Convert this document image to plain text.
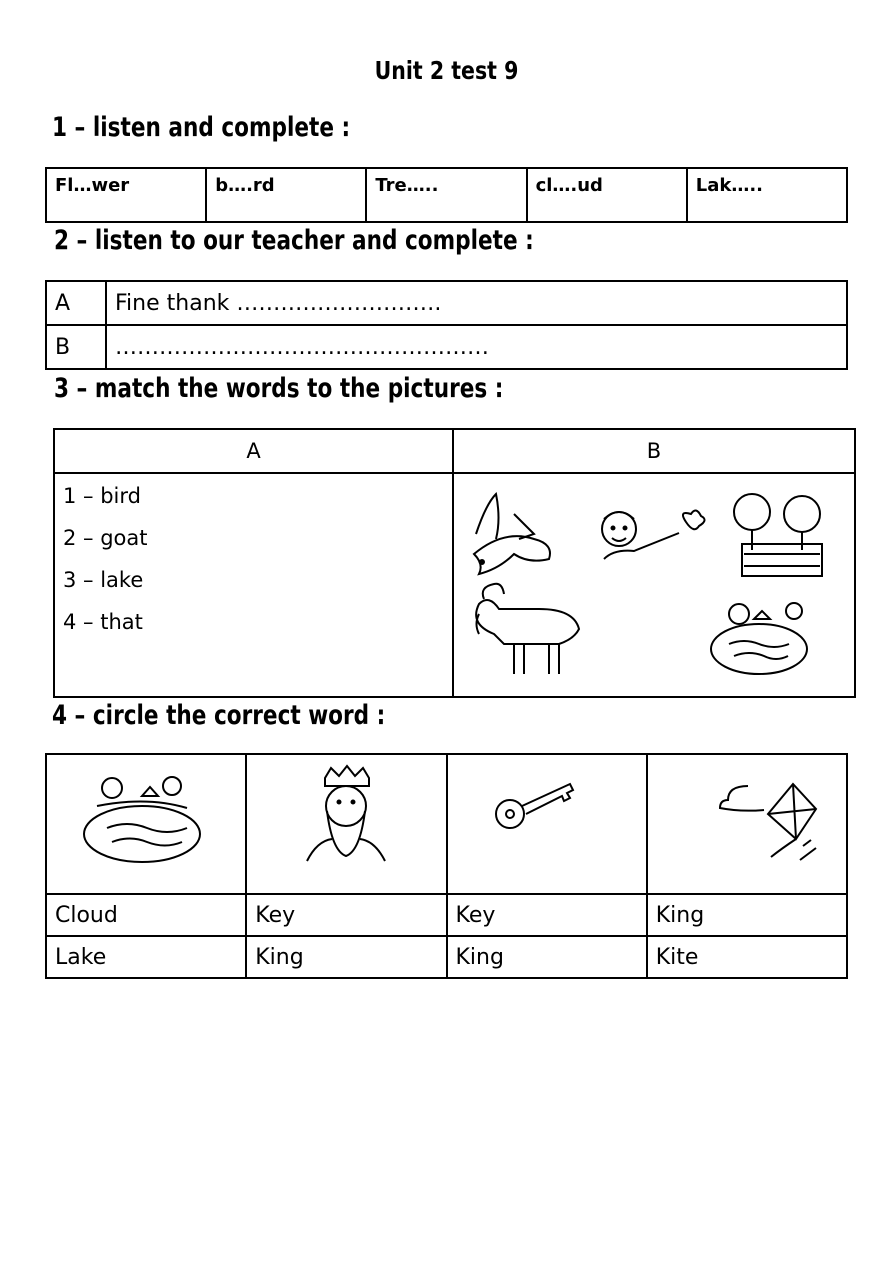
Unit 2 test 9
1 – listen and complete :
Fl…wer	b….rd	Tre…..	cl….ud	Lak…..
2 – listen to our teacher and complete :
A	Fine thank ……………………….
B	……………………………………………
3 – match the words to the pictures :
A	B

1 – bird
2 – goat
3 – lake
4 – that

4 – circle the correct word :

Cloud	Key	Key	King
Lake	King	King	Kite
